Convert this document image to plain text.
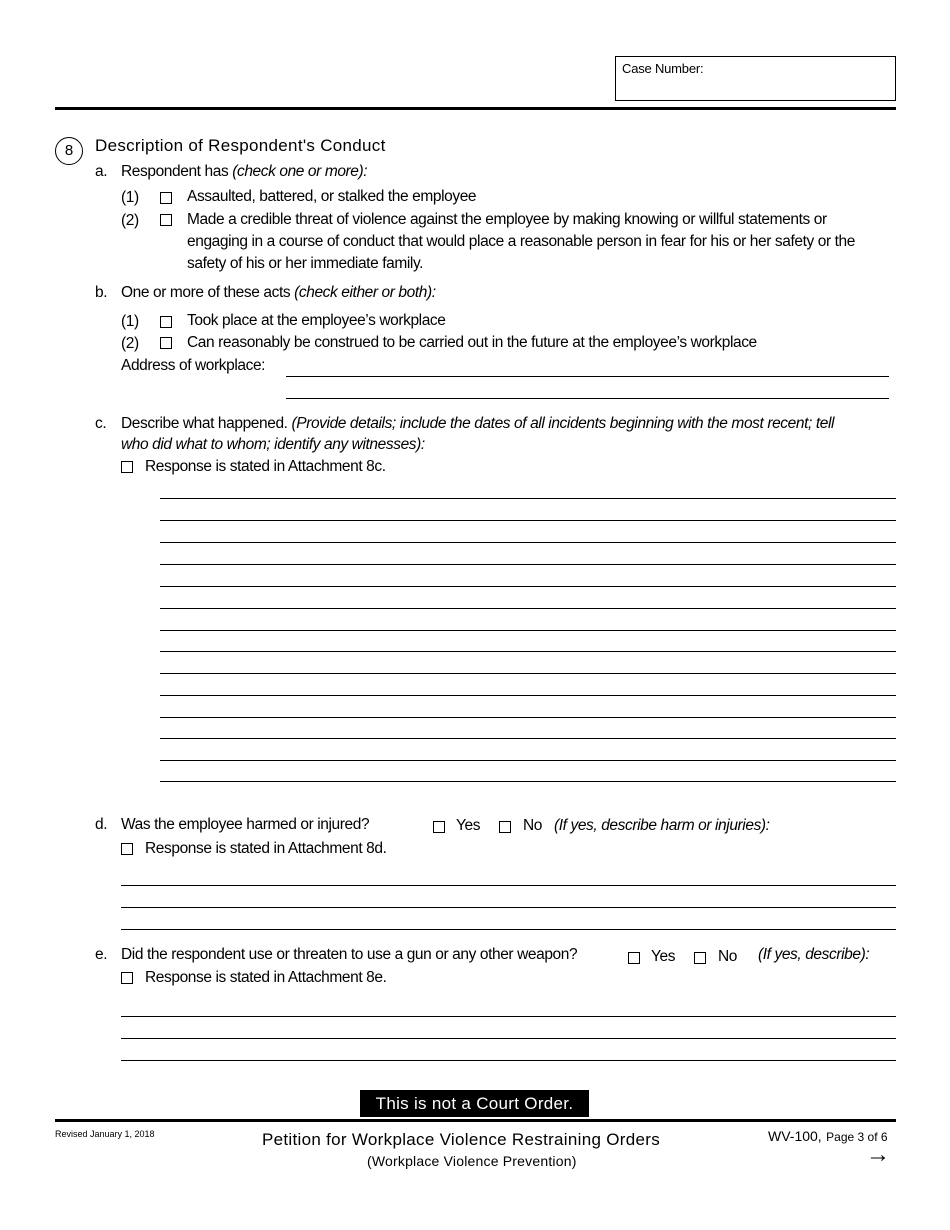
Case Number:
8	Description of Respondent's Conduct
a. Respondent has (check one or more):
(1)	Assaulted, battered, or stalked the employee
(2)	Made a credible threat of violence against the employee by making knowing or willful statements or
engaging in a course of conduct that would place a reasonable person in fear for his or her safety or the
safety of his or her immediate family.
b. One or more of these acts (check either or both):
(1)	Took place at the employee’s workplace
(2)	Can reasonably be construed to be carried out in the future at the employee’s workplace
Address of workplace:
c. Describe what happened. (Provide details; include the dates of all incidents beginning with the most recent; tell
who did what to whom; identify any witnesses):
Response is stated in Attachment 8c.
d. Was the employee harmed or injured?	Yes	No (If yes, describe harm or injuries):
Response is stated in Attachment 8d.
e. Did the respondent use or threaten to use a gun or any other weapon?	Yes	No (If yes, describe):
Response is stated in Attachment 8e.
This is not a Court Order.
Revised January 1, 2018	Petition for Workplace Violence Restraining Orders
(Workplace Violence Prevention)
WV-100, Page 3 of 6
→
